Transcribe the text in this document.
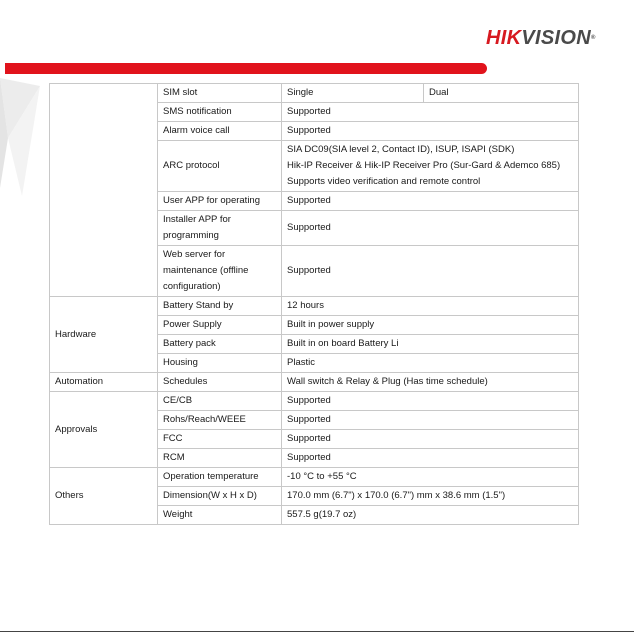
HIKVISION®
	SIM slot	Single	Dual
	SMS notification	Supported	
	Alarm voice call	Supported	
	ARC protocol	SIA DC09(SIA level 2, Contact ID), ISUP, ISAPI (SDK)
Hik-IP Receiver & Hik-IP Receiver Pro (Sur-Gard & Ademco 685)
Supports video verification and remote control	

	User APP for operating	Supported	

	Installer APP for
programming	Supported	

	Web server for
maintenance (offline
configuration)	Supported	
Hardware	Battery Stand by	12 hours	
	Power Supply	Built in power supply	
	Battery pack	Built in on board Battery Li	
	Housing	Plastic	
Automation	Schedules	Wall switch & Relay & Plug (Has time schedule)	
Approvals	CE/CB	Supported	
	Rohs/Reach/WEEE	Supported	
	FCC	Supported	
	RCM	Supported	
Others	Operation temperature	-10 °C to +55 °C	
	Dimension(W x H x D)	170.0 mm (6.7") x 170.0 (6.7") mm x 38.6 mm (1.5")	
	Weight	557.5 g(19.7 oz)	
